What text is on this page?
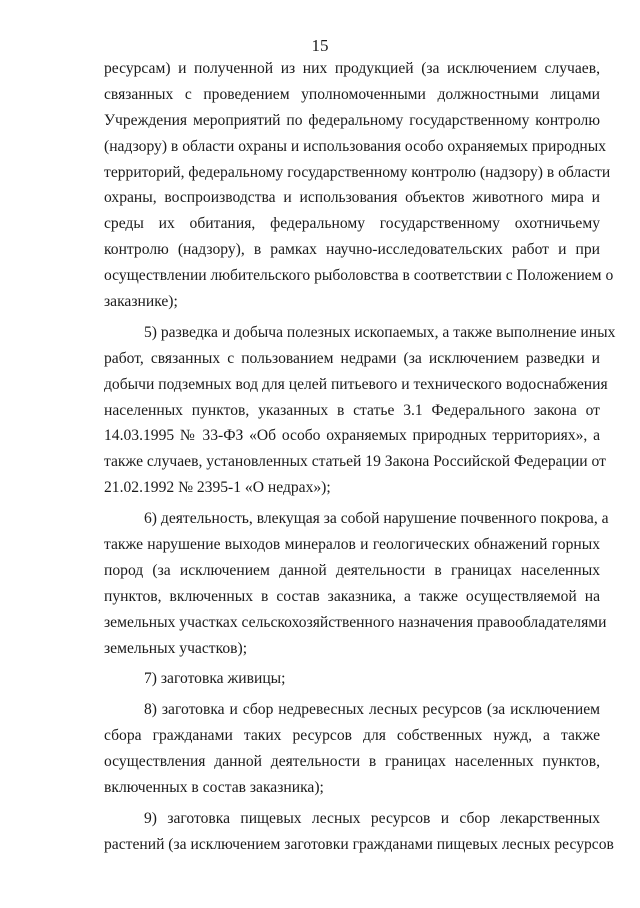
15
ресурсам) и полученной из них продукцией (за исключением случаев,
связанных с проведением уполномоченными должностными лицами
Учреждения мероприятий по федеральному государственному контролю
(надзору) в области охраны и использования особо охраняемых природных
территорий, федеральному государственному контролю (надзору) в области
охраны, воспроизводства и использования объектов животного мира и
среды их обитания, федеральному государственному охотничьему
контролю (надзору), в рамках научно-исследовательских работ и при
осуществлении любительского рыболовства в соответствии с Положением о
заказнике);
5) разведка и добыча полезных ископаемых, а также выполнение иных
работ, связанных с пользованием недрами (за исключением разведки и
добычи подземных вод для целей питьевого и технического водоснабжения
населенных пунктов, указанных в статье 3.1 Федерального закона от
14.03.1995 № 33-ФЗ «Об особо охраняемых природных территориях», а
также случаев, установленных статьей 19 Закона Российской Федерации от
21.02.1992 № 2395-1 «О недрах»);
6) деятельность, влекущая за собой нарушение почвенного покрова, а
также нарушение выходов минералов и геологических обнажений горных
пород (за исключением данной деятельности в границах населенных
пунктов, включенных в состав заказника, а также осуществляемой на
земельных участках сельскохозяйственного назначения правообладателями
земельных участков);
7) заготовка живицы;
8) заготовка и сбор недревесных лесных ресурсов (за исключением
сбора гражданами таких ресурсов для собственных нужд, а также
осуществления данной деятельности в границах населенных пунктов,
включенных в состав заказника);
9) заготовка пищевых лесных ресурсов и сбор лекарственных
растений (за исключением заготовки гражданами пищевых лесных ресурсов
